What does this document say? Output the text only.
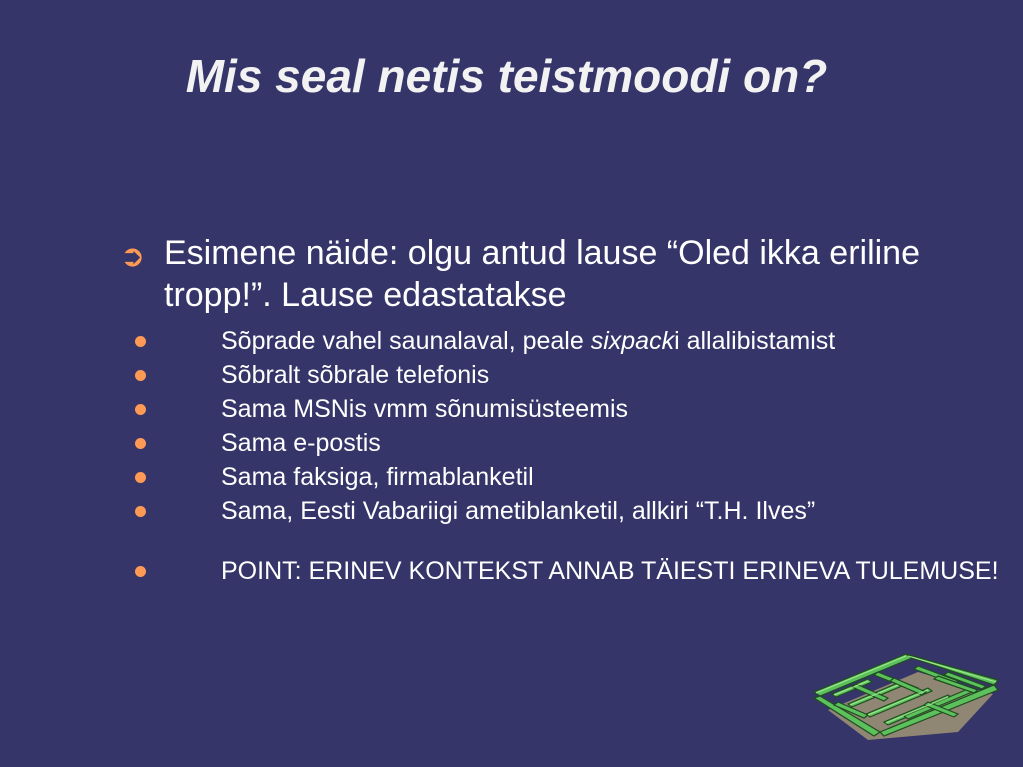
Mis seal netis teistmoodi on?
➲ Esimene näide: olgu antud lause “Oled ikka eriline tropp!”. Lause edastatakse
Sõprade vahel saunalaval, peale sixpacki allalibistamist
Sõbralt sõbrale telefonis
Sama MSNis vmm sõnumisüsteemis
Sama e-postis
Sama faksiga, firmablanketil
Sama, Eesti Vabariigi ametiblanketil, allkiri “T.H. Ilves”
POINT: ERINEV KONTEKST ANNAB TÄIESTI ERINEVA TULEMUSE!
